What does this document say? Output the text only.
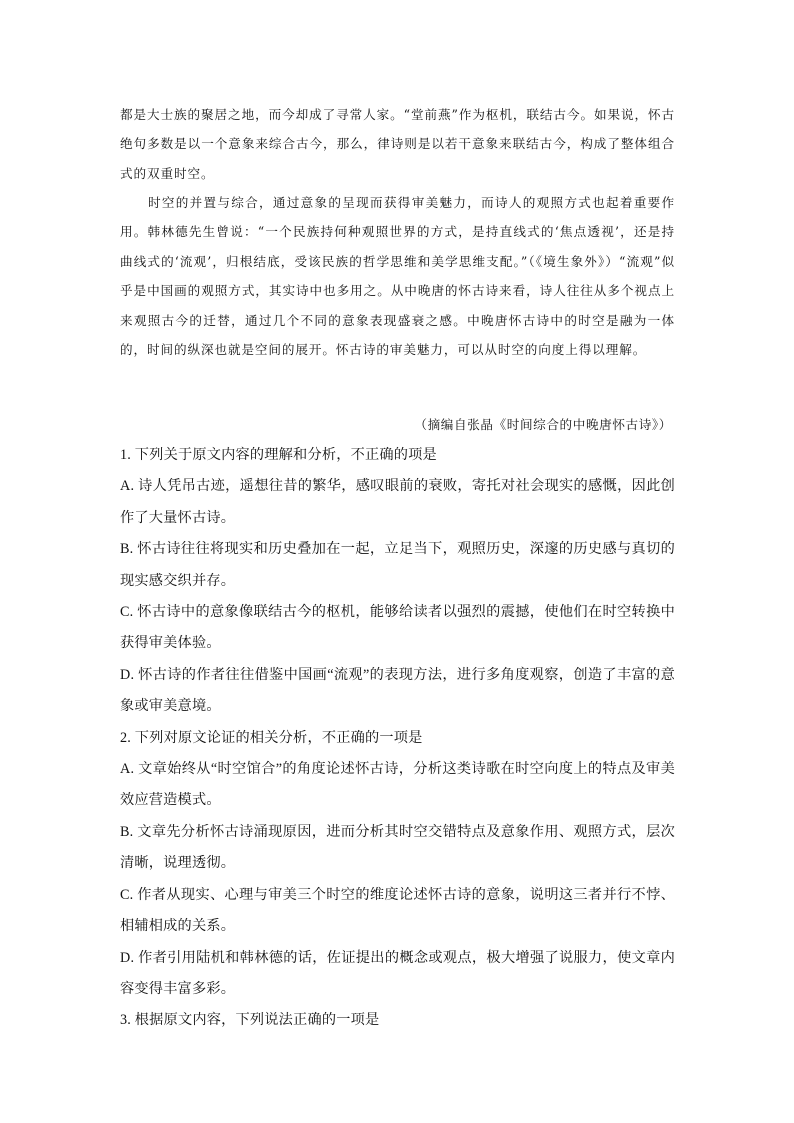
都是大士族的聚居之地，而今却成了寻常人家。“堂前燕”作为枢机，联结古今。如果说，怀古绝句多数是以一个意象来综合古今，那么，律诗则是以若干意象来联结古今，构成了整体组合式的双重时空。

时空的并置与综合，通过意象的呈现而获得审美魅力，而诗人的观照方式也起着重要作用。韩林德先生曾说：“一个民族持何种观照世界的方式，是持直线式的‘焦点透视’，还是持曲线式的‘流观’，归根结底，受该民族的哲学思维和美学思维支配。”（《境生象外》）“流观”似乎是中国画的观照方式，其实诗中也多用之。从中晚唐的怀古诗来看，诗人往往从多个视点上来观照古今的迁替，通过几个不同的意象表现盛衰之感。中晚唐怀古诗中的时空是融为一体的，时间的纵深也就是空间的展开。怀古诗的审美魅力，可以从时空的向度上得以理解。

（摘编自张晶《时间综合的中晚唐怀古诗》）

1. 下列关于原文内容的理解和分析，不正确的项是

A. 诗人凭吊古迹，遥想往昔的繁华，感叹眼前的衰败，寄托对社会现实的感慨，因此创作了大量怀古诗。

B. 怀古诗往往将现实和历史叠加在一起，立足当下，观照历史，深邃的历史感与真切的现实感交织并存。

C. 怀古诗中的意象像联结古今的枢机，能够给读者以强烈的震撼，使他们在时空转换中获得审美体验。

D. 怀古诗的作者往往借鉴中国画“流观”的表现方法，进行多角度观察，创造了丰富的意象或审美意境。

2. 下列对原文论证的相关分析，不正确的一项是

A. 文章始终从“时空馆合”的角度论述怀古诗，分析这类诗歌在时空向度上的特点及审美效应营造模式。

B. 文章先分析怀古诗涌现原因，进而分析其时空交错特点及意象作用、观照方式，层次清晰，说理透彻。

C. 作者从现实、心理与审美三个时空的维度论述怀古诗的意象，说明这三者并行不悖、相辅相成的关系。

D. 作者引用陆机和韩林德的话，佐证提出的概念或观点，极大增强了说服力，使文章内容变得丰富多彩。

3. 根据原文内容，下列说法正确的一项是
